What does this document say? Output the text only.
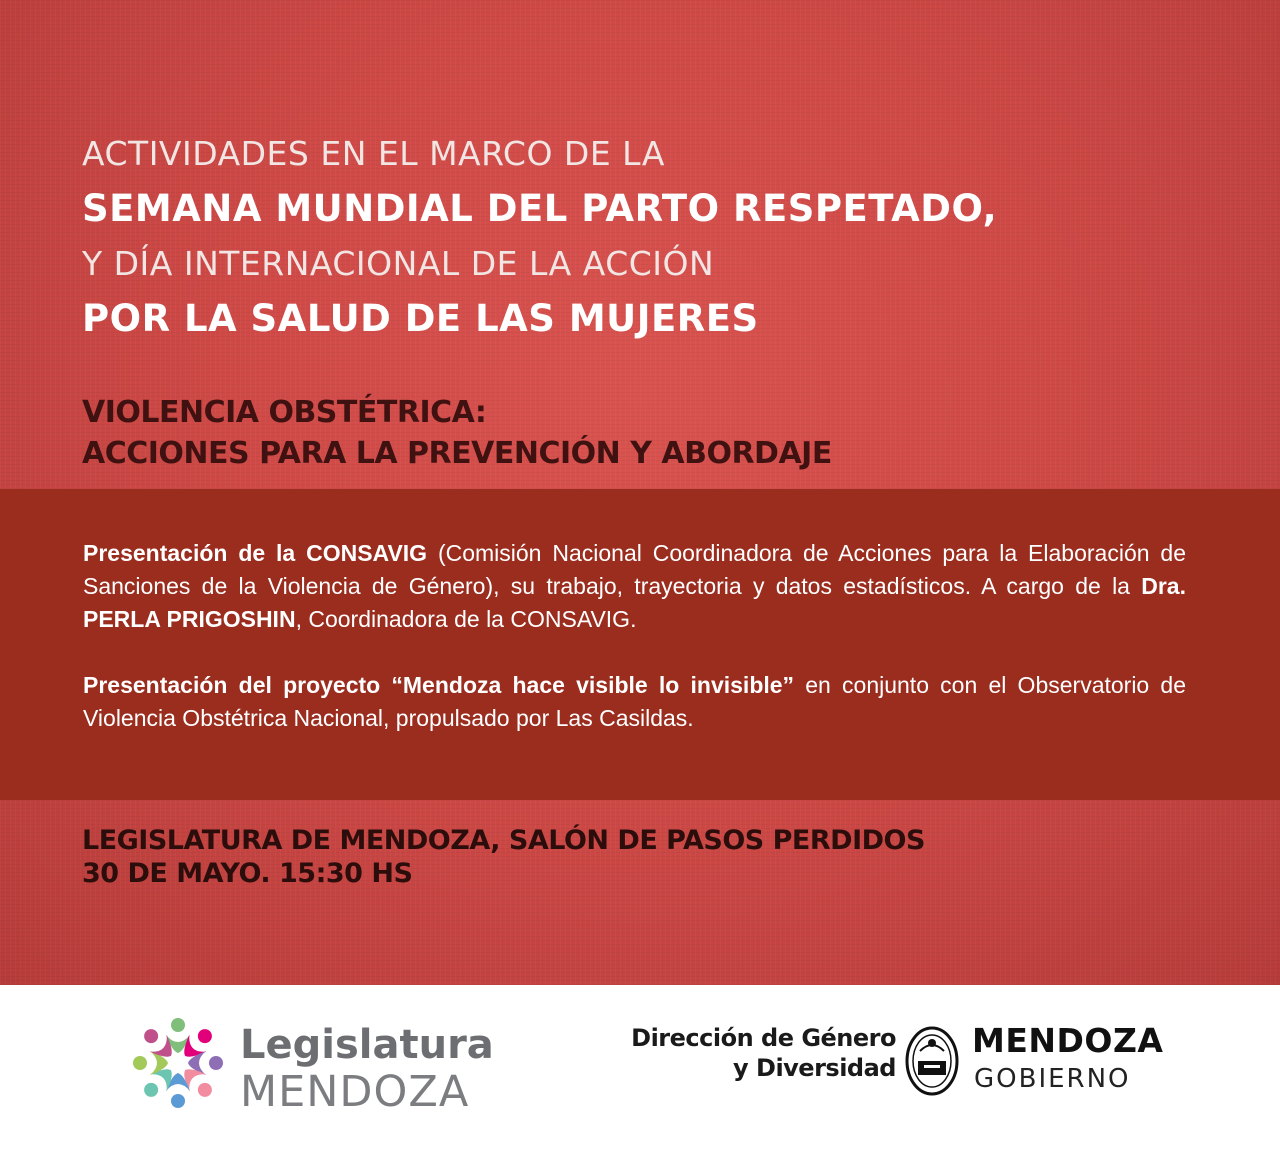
ACTIVIDADES EN EL MARCO DE LA
SEMANA MUNDIAL DEL PARTO RESPETADO,
Y DÍA INTERNACIONAL DE LA ACCIÓN
POR LA SALUD DE LAS MUJERES
VIOLENCIA OBSTÉTRICA:
ACCIONES PARA LA PREVENCIÓN Y ABORDAJE

Presentación de la CONSAVIG (Comisión Nacional Coordinadora de Acciones para la Elaboración de Sanciones de la Violencia de Género), su trabajo, trayectoria y datos estadísticos. A cargo de la Dra. PERLA PRIGOSHIN, Coordinadora de la CONSAVIG.

Presentación del proyecto “Mendoza hace visible lo invisible” en conjunto con el Observatorio de Violencia Obstétrica Nacional, propulsado por Las Casildas.

LEGISLATURA DE MENDOZA, SALÓN DE PASOS PERDIDOS
30 DE MAYO. 15:30 HS
Legislatura
MENDOZA
Dirección de Género
y Diversidad
MENDOZA
GOBIERNO
